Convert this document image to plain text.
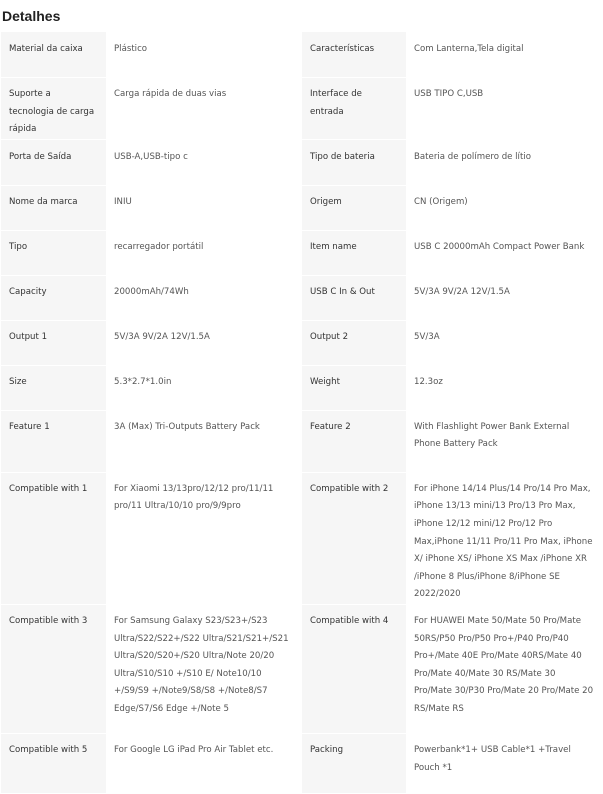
Detalhes
Material da caixa	Plástico	Características	Com Lanterna,Tela digital
Suporte a tecnologia de carga rápida	Carga rápida de duas vias	Interface de entrada	USB TIPO C,USB
Porta de Saída	USB-A,USB-tipo c	Tipo de bateria	Bateria de polímero de lítio
Nome da marca	INIU	Origem	CN (Origem)
Tipo	recarregador portátil	Item name	USB C 20000mAh Compact Power Bank
Capacity	20000mAh/74Wh	USB C In & Out	5V/3A 9V/2A 12V/1.5A
Output 1	5V/3A 9V/2A 12V/1.5A	Output 2	5V/3A
Size	5.3*2.7*1.0in	Weight	12.3oz
Feature 1	3A (Max) Tri-Outputs Battery Pack	Feature 2	With Flashlight Power Bank External Phone Battery Pack
Compatible with 1	For Xiaomi 13/13pro/12/12 pro/11/11 pro/11 Ultra/10/10 pro/9/9pro	Compatible with 2	For iPhone 14/14 Plus/14 Pro/14 Pro Max, iPhone 13/13 mini/13 Pro/13 Pro Max, iPhone 12/12 mini/12 Pro/12 Pro Max,iPhone 11/11 Pro/11 Pro Max, iPhone X/ iPhone XS/ iPhone XS Max /iPhone XR /iPhone 8 Plus/iPhone 8/iPhone SE 2022/2020
Compatible with 3	For Samsung Galaxy S23/S23+/S23 Ultra/S22/S22+/S22 Ultra/S21/S21+/S21 Ultra/S20/S20+/S20 Ultra/Note 20/20 Ultra/S10/S10 +/S10 E/ Note10/10 +/S9/S9 +/Note9/S8/S8 +/Note8/S7 Edge/S7/S6 Edge +/Note 5	Compatible with 4	For HUAWEI Mate 50/Mate 50 Pro/Mate 50RS/P50 Pro/P50 Pro+/P40 Pro/P40 Pro+/Mate 40E Pro/Mate 40RS/Mate 40 Pro/Mate 40/Mate 30 RS/Mate 30 Pro/Mate 30/P30 Pro/Mate 20 Pro/Mate 20 RS/Mate RS
Compatible with 5	For Google LG iPad Pro Air Tablet etc.	Packing	Powerbank*1+ USB Cable*1 +Travel Pouch *1
